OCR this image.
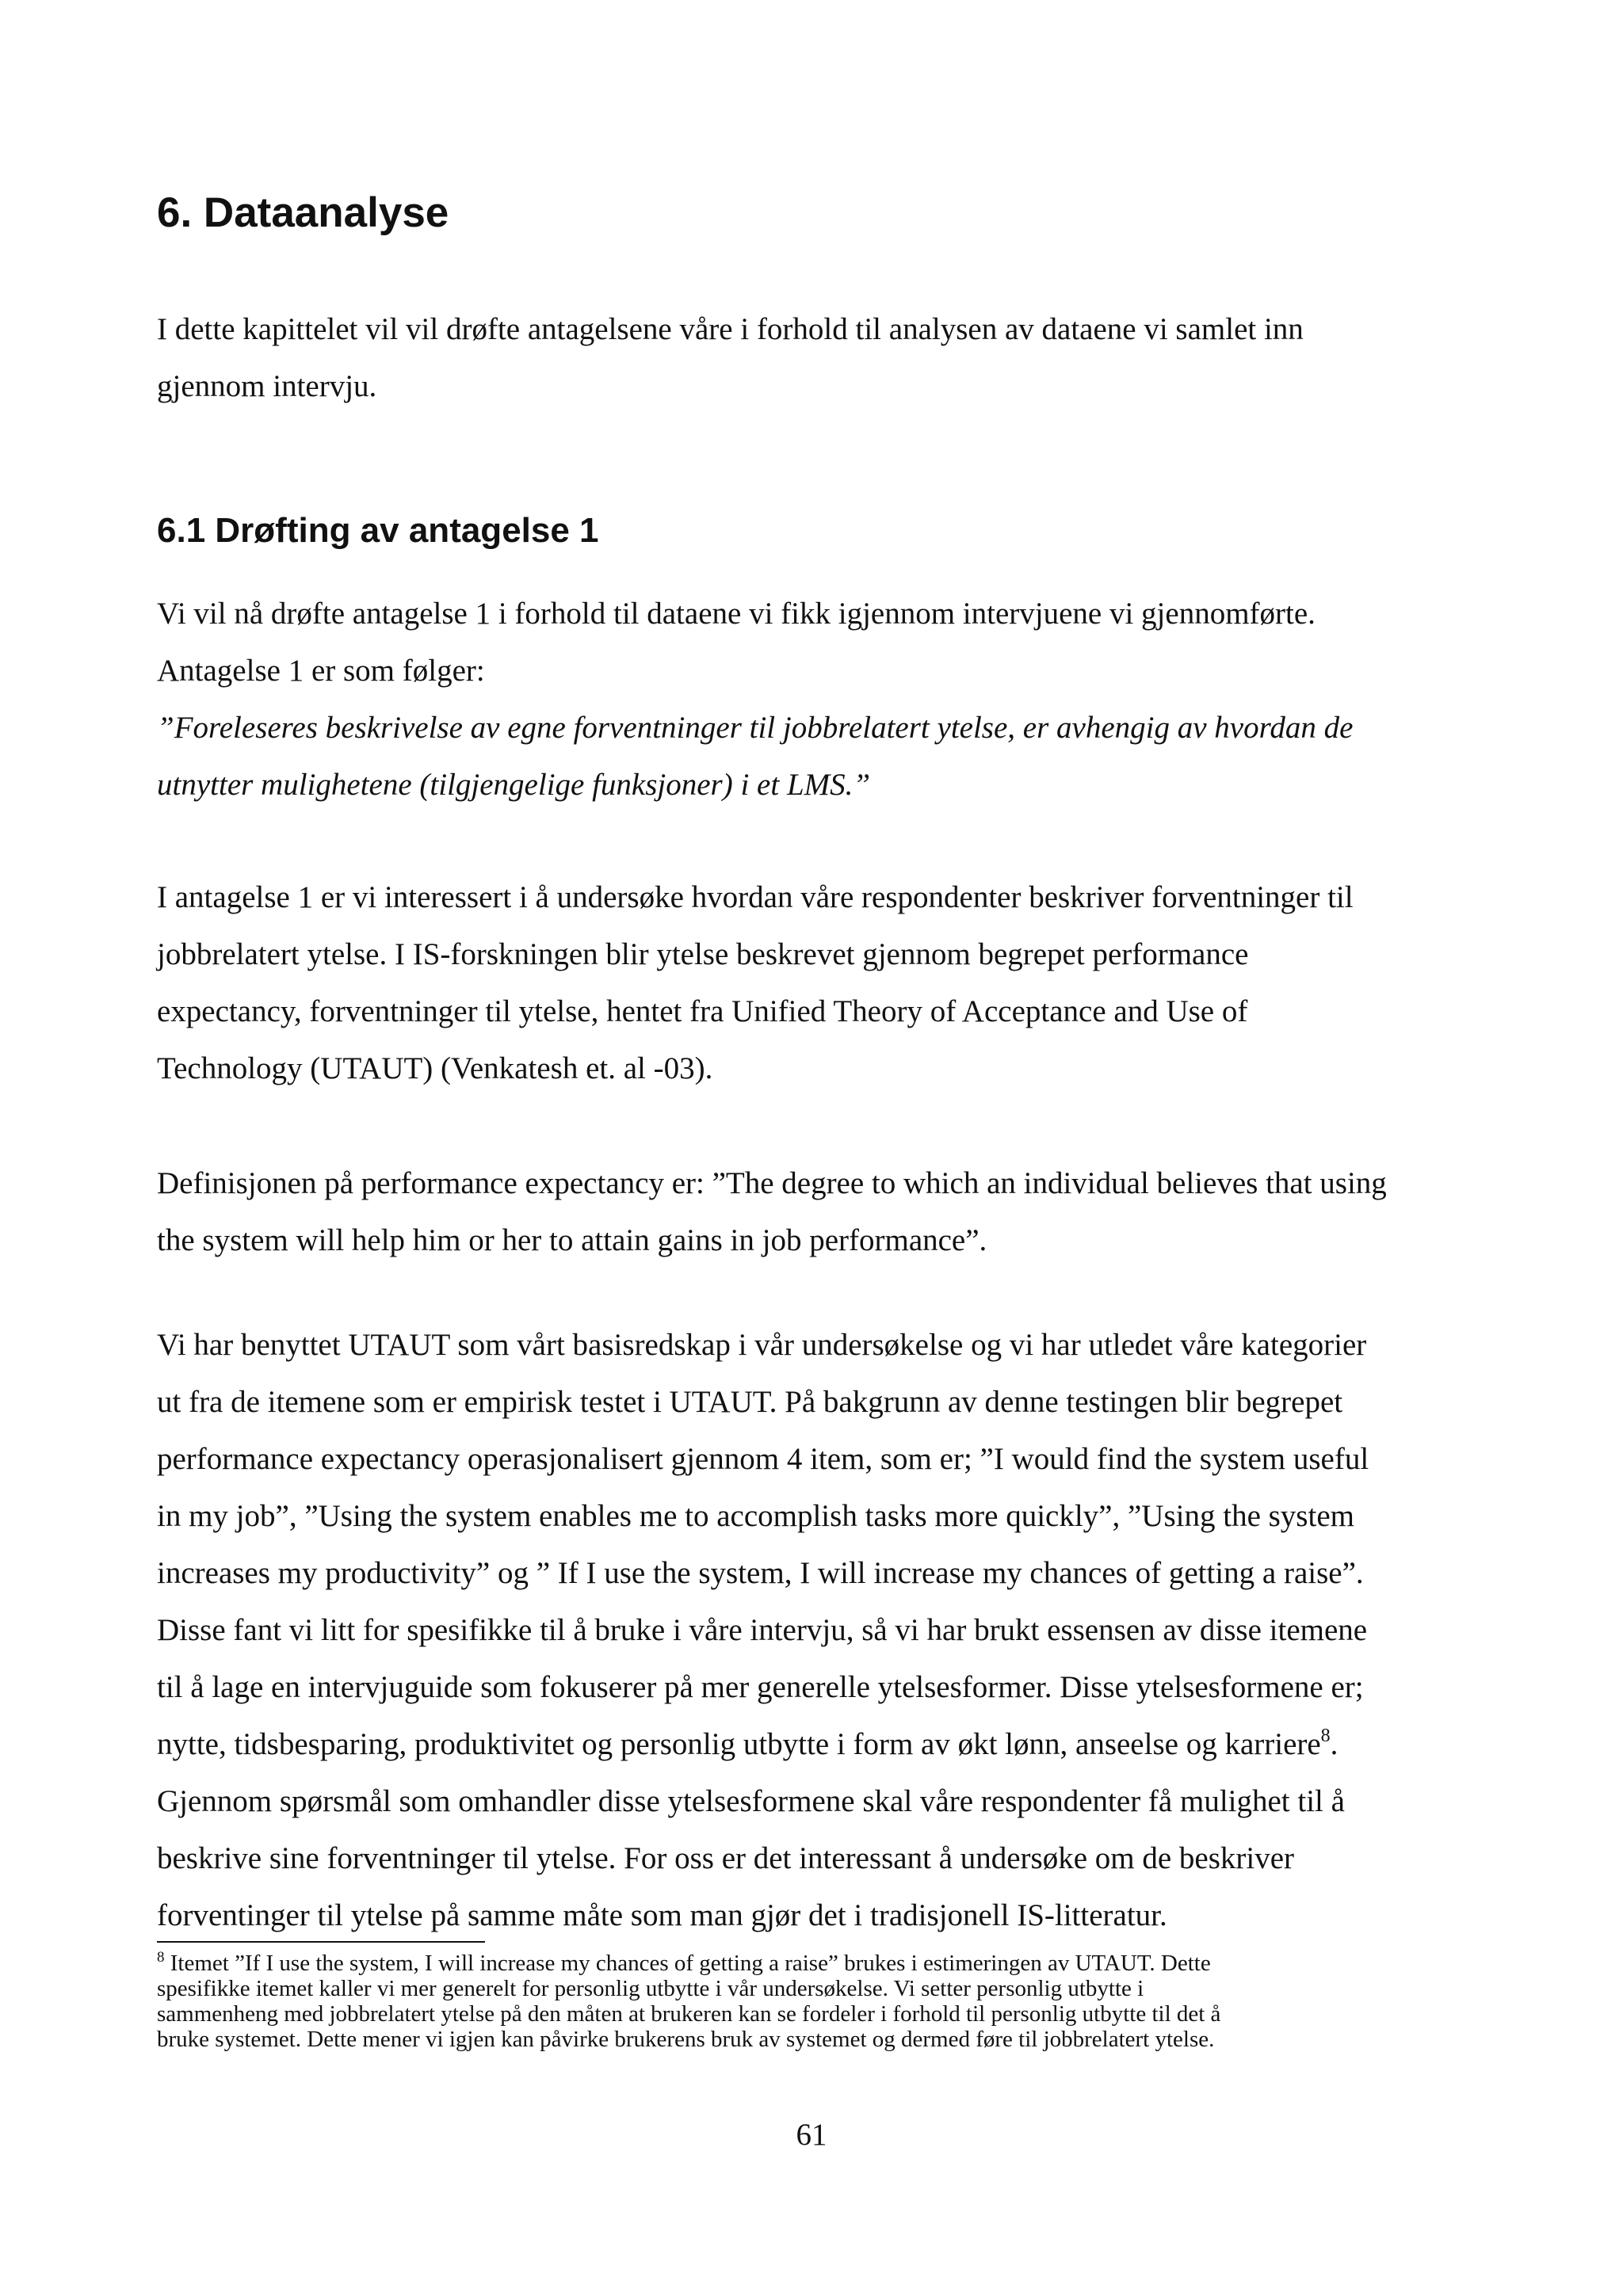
6. Dataanalyse

I dette kapittelet vil vil drøfte antagelsene våre i forhold til analysen av dataene vi samlet inn
gjennom intervju.

6.1 Drøfting av antagelse 1

Vi vil nå drøfte antagelse 1 i forhold til dataene vi fikk igjennom intervjuene vi gjennomførte.
Antagelse 1 er som følger:
”Foreleseres beskrivelse av egne forventninger til jobbrelatert ytelse, er avhengig av hvordan de
utnytter mulighetene (tilgjengelige funksjoner) i et LMS.”

I antagelse 1 er vi interessert i å undersøke hvordan våre respondenter beskriver forventninger til
jobbrelatert ytelse. I IS-forskningen blir ytelse beskrevet gjennom begrepet performance
expectancy, forventninger til ytelse, hentet fra Unified Theory of Acceptance and Use of
Technology (UTAUT) (Venkatesh et. al -03).

Definisjonen på performance expectancy er: ”The degree to which an individual believes that using
the system will help him or her to attain gains in job performance”.

Vi har benyttet UTAUT som vårt basisredskap i vår undersøkelse og vi har utledet våre kategorier
ut fra de itemene som er empirisk testet i UTAUT. På bakgrunn av denne testingen blir begrepet
performance expectancy operasjonalisert gjennom 4 item, som er; ”I would find the system useful
in my job”, ”Using the system enables me to accomplish tasks more quickly”, ”Using the system
increases my productivity” og ” If I use the system, I will increase my chances of getting a raise”.
Disse fant vi litt for spesifikke til å bruke i våre intervju, så vi har brukt essensen av disse itemene
til å lage en intervjuguide som fokuserer på mer generelle ytelsesformer. Disse ytelsesformene er;
nytte, tidsbesparing, produktivitet og personlig utbytte i form av økt lønn, anseelse og karriere$^8$.
Gjennom spørsmål som omhandler disse ytelsesformene skal våre respondenter få mulighet til å
beskrive sine forventninger til ytelse. For oss er det interessant å undersøke om de beskriver
forventinger til ytelse på samme måte som man gjør det i tradisjonell IS-litteratur.

$^8$ Itemet ”If I use the system, I will increase my chances of getting a raise” brukes i estimeringen av UTAUT. Dette
spesifikke itemet kaller vi mer generelt for personlig utbytte i vår undersøkelse. Vi setter personlig utbytte i
sammenheng med jobbrelatert ytelse på den måten at brukeren kan se fordeler i forhold til personlig utbytte til det å
bruke systemet. Dette mener vi igjen kan påvirke brukerens bruk av systemet og dermed føre til jobbrelatert ytelse.

61
